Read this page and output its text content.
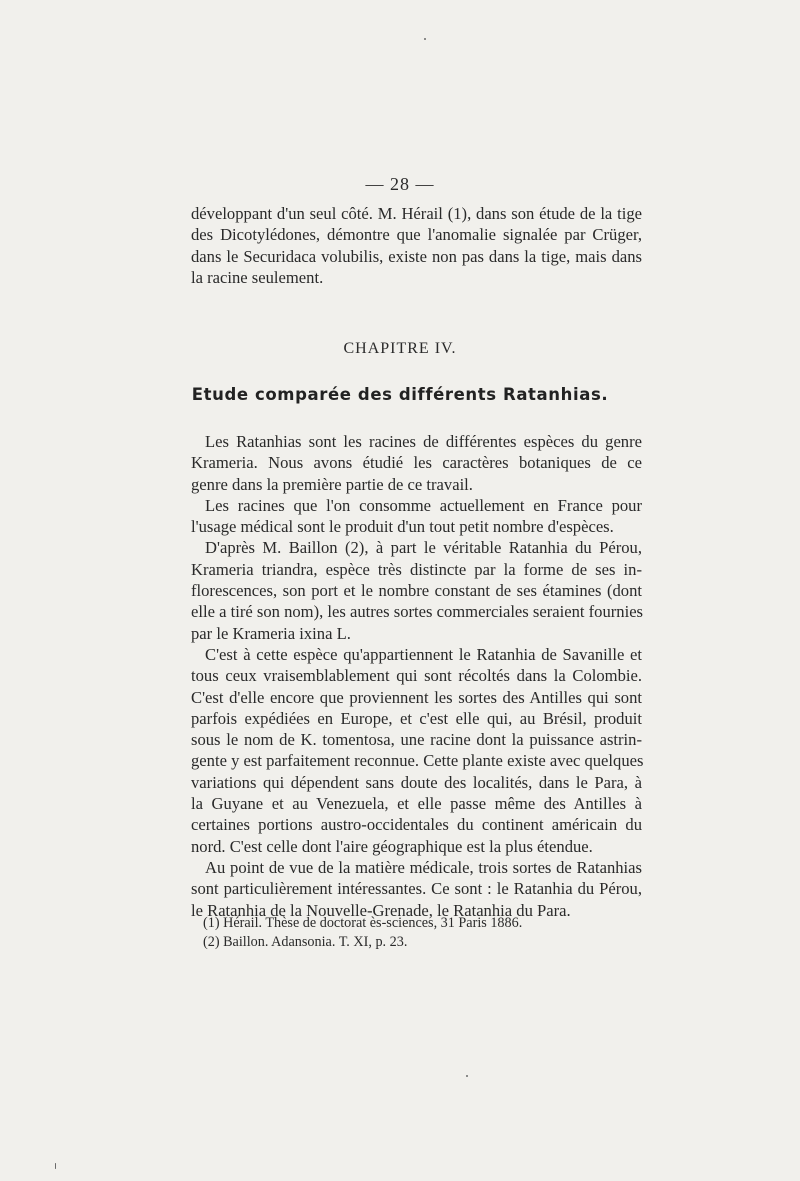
— 28 —
développant d'un seul côté. M. Hérail (1), dans son étude de la tige
des Dicotylédones, démontre que l'anomalie signalée par Crüger,
dans le Securidaca volubilis, existe non pas dans la tige, mais dans
la racine seulement.
CHAPITRE IV.
Etude comparée des différents Ratanhias.
Les Ratanhias sont les racines de différentes espèces du genre
Krameria. Nous avons étudié les caractères botaniques de ce
genre dans la première partie de ce travail.
Les racines que l'on consomme actuellement en France pour
l'usage médical sont le produit d'un tout petit nombre d'espèces.
D'après M. Baillon (2), à part le véritable Ratanhia du Pérou,
Krameria triandra, espèce très distincte par la forme de ses in-
florescences, son port et le nombre constant de ses étamines (dont
elle a tiré son nom), les autres sortes commerciales seraient fournies
par le Krameria ixina L.
C'est à cette espèce qu'appartiennent le Ratanhia de Savanille et
tous ceux vraisemblablement qui sont récoltés dans la Colombie.
C'est d'elle encore que proviennent les sortes des Antilles qui sont
parfois expédiées en Europe, et c'est elle qui, au Brésil, produit
sous le nom de K. tomentosa, une racine dont la puissance astrin-
gente y est parfaitement reconnue. Cette plante existe avec quelques
variations qui dépendent sans doute des localités, dans le Para, à
la Guyane et au Venezuela, et elle passe même des Antilles à
certaines portions austro-occidentales du continent américain du
nord. C'est celle dont l'aire géographique est la plus étendue.
Au point de vue de la matière médicale, trois sortes de Ratanhias
sont particulièrement intéressantes. Ce sont : le Ratanhia du Pérou,
le Ratanhia de la Nouvelle-Grenade, le Ratanhia du Para.
(1) Hérail. Thèse de doctorat ès-sciences, 31 Paris 1886.
(2) Baillon. Adansonia. T. XI, p. 23.
